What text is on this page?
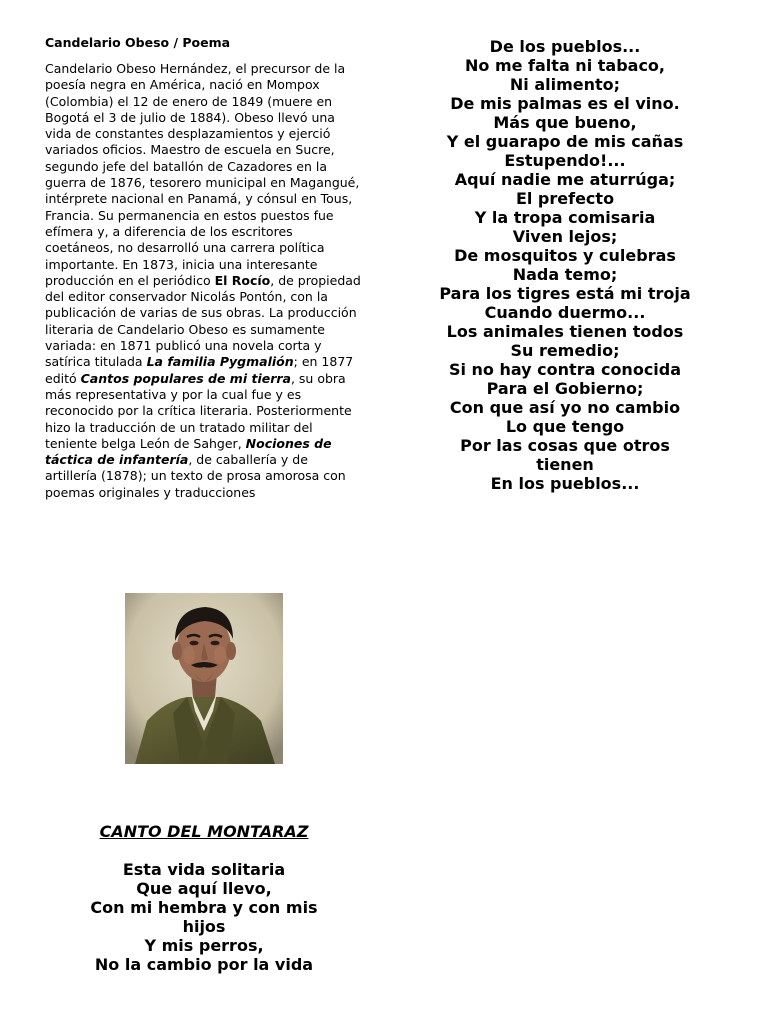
Candelario Obeso / Poema

Candelario Obeso Hernández, el precursor de la poesía negra en América, nació en Mompox (Colombia) el 12 de enero de 1849 (muere en Bogotá el 3 de julio de 1884). Obeso llevó una vida de constantes desplazamientos y ejerció variados oficios. Maestro de escuela en Sucre, segundo jefe del batallón de Cazadores en la guerra de 1876, tesorero municipal en Magangué, intérprete nacional en Panamá, y cónsul en Tous, Francia. Su permanencia en estos puestos fue efímera y, a diferencia de los escritores coetáneos, no desarrolló una carrera política importante. En 1873, inicia una interesante producción en el periódico El Rocío, de propiedad del editor conservador Nicolás Pontón, con la publicación de varias de sus obras. La producción literaria de Candelario Obeso es sumamente variada: en 1871 publicó una novela corta y satírica titulada La familia Pygmalión; en 1877 editó Cantos populares de mi tierra, su obra más representativa y por la cual fue y es reconocido por la crítica literaria. Posteriormente hizo la traducción de un tratado militar del teniente belga León de Sahger, Nociones de táctica de infantería, de caballería y de artillería (1878); un texto de prosa amorosa con poemas originales y traducciones

CANTO DEL MONTARAZ

Esta vida solitaria
Que aquí llevo,
Con mi hembra y con mis
hijos
Y mis perros,
No la cambio por la vida
De los pueblos...
No me falta ni tabaco,
Ni alimento;
De mis palmas es el vino.
Más que bueno,
Y el guarapo de mis cañas
Estupendo!...
Aquí nadie me aturrúga;
El prefecto
Y la tropa comisaria
Viven lejos;
De mosquitos y culebras
Nada temo;
Para los tigres está mi troja
Cuando duermo...
Los animales tienen todos
Su remedio;
Si no hay contra conocida
Para el Gobierno;
Con que así yo no cambio
Lo que tengo
Por las cosas que otros
tienen
En los pueblos...
